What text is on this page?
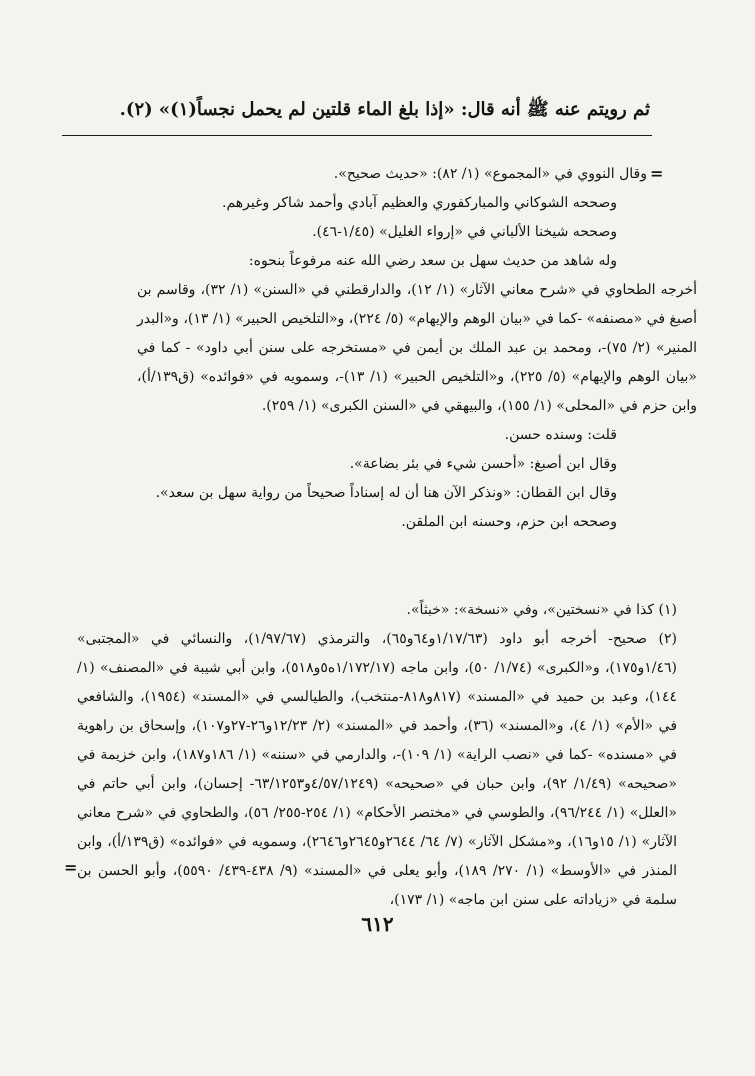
ثم رويتم عنه ﷺ أنه قال: «إذا بلغ الماء قلتين لم يحمل نجساً(١)» (٢).
=

وقال النووي في «المجموع» (١/ ٨٢): «حديث صحيح».

وصححه الشوكاني والمباركفوري والعظيم آبادي وأحمد شاكر وغيرهم.

وصححه شيخنا الألباني في «إرواء الغليل» (١/٤٥-٤٦).

وله شاهد من حديث سهل بن سعد رضي الله عنه مرفوعاً بنحوه:

أخرجه الطحاوي في «شرح معاني الآثار» (١/ ١٢)، والدارقطني في «السنن» (١/ ٣٢)، وقاسم بن أصبغ في «مصنفه» -كما في «بيان الوهم والإيهام» (٥/ ٢٢٤)، و«التلخيص الحبير» (١/ ١٣)، و«البدر المنير» (٢/ ٧٥)-، ومحمد بن عبد الملك بن أيمن في «مستخرجه على سنن أبي داود» - كما في «بيان الوهم والإيهام» (٥/ ٢٢٥)، و«التلخيص الحبير» (١/ ١٣)-، وسمويه في «فوائده» (ق١٣٩/أ)، وابن حزم في «المحلى» (١/ ١٥٥)، والبيهقي في «السنن الكبرى» (١/ ٢٥٩).

قلت: وسنده حسن.

وقال ابن أصبغ: «أحسن شيء في بئر بضاعة».

وقال ابن القطان: «ونذكر الآن هنا أن له إسناداً صحيحاً من رواية سهل بن سعد».

وصححه ابن حزم، وحسنه ابن الملقن.

(١) كذا في «نسختين»، وفي «نسخة»: «خبثاً».

(٢) صحيح- أخرجه أبو داود (١/١٧/٦٣و٦٤و٦٥)، والترمذي (١/٩٧/٦٧)، والنسائي في «المجتبى» (١/٤٦و١٧٥)، و«الكبرى» (١/٧٤/ ٥٠)، وابن ماجه (١/١٧٢/١٧ه٥و٥١٨)، وابن أبي شيبة في «المصنف» (١/ ١٤٤)، وعبد بن حميد في «المسند» (٨١٧و٨١٨-منتخب)، والطيالسي في «المسند» (١٩٥٤)، والشافعي في «الأم» (١/ ٤)، و«المسند» (٣٦)، وأحمد في «المسند» (٢/ ١٢/٢٣و٢٦-٢٧و١٠٧)، وإسحاق بن راهوية في «مسنده» -كما في «نصب الراية» (١/ ١٠٩)-، والدارمي في «سننه» (١/ ١٨٦و١٨٧)، وابن خزيمة في «صحيحه» (١/٤٩/ ٩٢)، وابن حبان في «صحيحه» (٤/٥٧/١٢٤٩و٦٣/١٢٥٣- إحسان)، وابن أبي حاتم في «العلل» (١/ ٩٦/٢٤٤)، والطوسي في «مختصر الأحكام» (١/ ٢٥٤-٢٥٥/ ٥٦)، والطحاوي في «شرح معاني الآثار» (١/ ١٥و١٦)، و«مشكل الآثار» (٧/ ٦٤/ ٢٦٤٤و٢٦٤٥و٢٦٤٦)، وسمويه في «فوائده» (ق١٣٩/أ)، وابن المنذر في «الأوسط» (١/ ٢٧٠/ ١٨٩)، وأبو يعلى في «المسند» (٩/ ٤٣٨-٤٣٩/ ٥٥٩٠)، وأبو الحسن بن سلمة في «زياداته على سنن ابن ماجه» (١/ ١٧٣)،

=
٦١٢
